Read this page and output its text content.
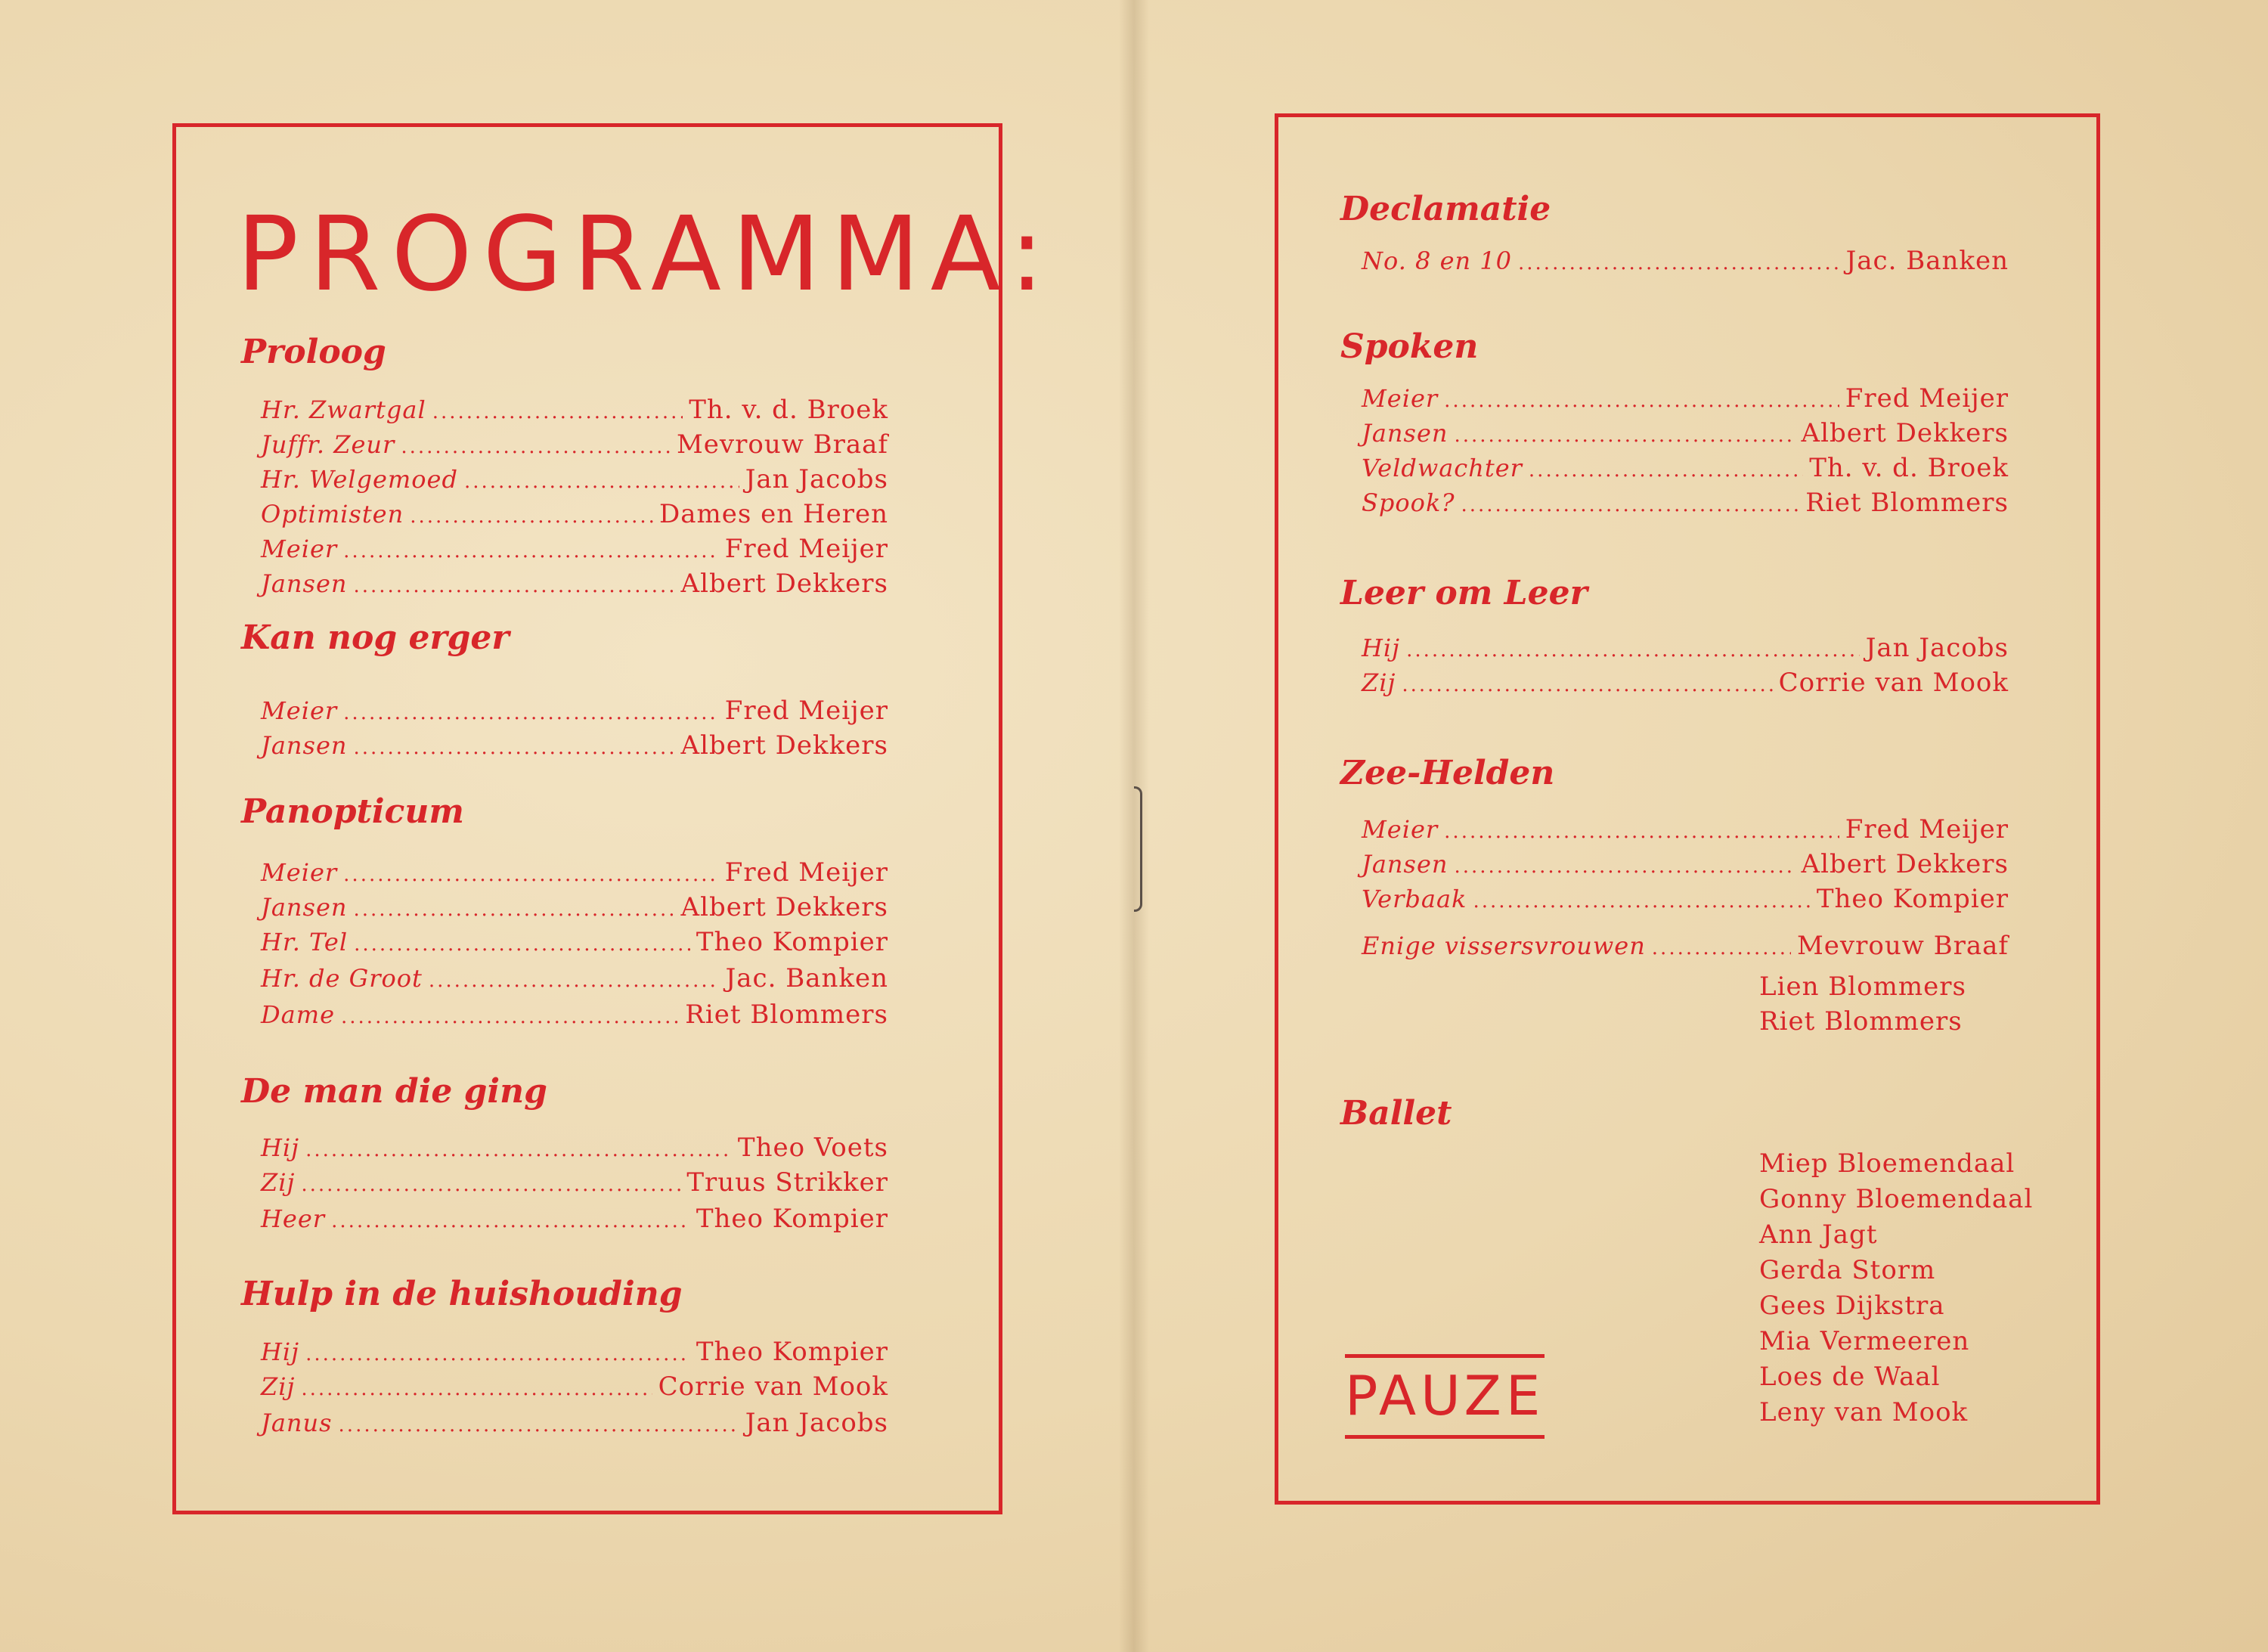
PROGRAMMA:
Proloog
Hr. Zwartgal .....	Th. v. d. Broek
Juffr. Zeur .....	Mevrouw Braaf
Hr. Welgemoed .....	Jan Jacobs
Optimisten .....	Dames en Heren
Meier .....	Fred Meijer
Jansen .....	Albert Dekkers
Kan nog erger
Meier .....	Fred Meijer
Jansen .....	Albert Dekkers
Panopticum
Meier .....	Fred Meijer
Jansen .....	Albert Dekkers
Hr. Tel .....	Theo Kompier
Hr. de Groot .....	Jac. Banken
Dame .....	Riet Blommers
De man die ging
Hij .....	Theo Voets
Zij .....	Truus Strikker
Heer .....	Theo Kompier
Hulp in de huishouding
Hij .....	Theo Kompier
Zij .....	Corrie van Mook
Janus .....	Jan Jacobs
Declamatie
No. 8 en 10 .....	Jac. Banken
Spoken
Meier .....	Fred Meijer
Jansen .....	Albert Dekkers
Veldwachter .....	Th. v. d. Broek
Spook? .....	Riet Blommers
Leer om Leer
Hij .....	Jan Jacobs
Zij .....	Corrie van Mook
Zee-Helden
Meier .....	Fred Meijer
Jansen .....	Albert Dekkers
Verbaak .....	Theo Kompier
Enige vissersvrouwen .....	Mevrouw Braaf
Lien Blommers
Riet Blommers
Ballet
Miep Bloemendaal
Gonny Bloemendaal
Ann Jagt
Gerda Storm
Gees Dijkstra
Mia Vermeeren
Loes de Waal
Leny van Mook
PAUZE
